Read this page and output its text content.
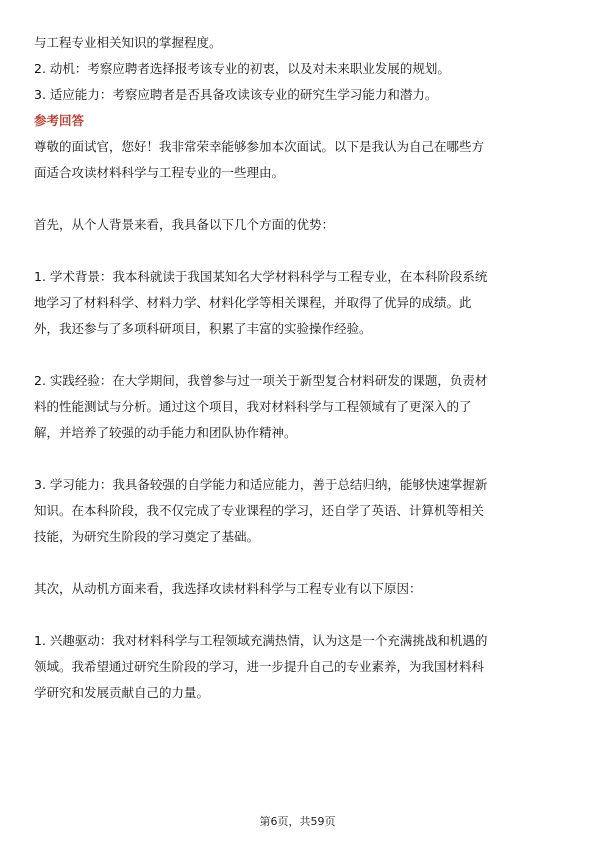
与工程专业相关知识的掌握程度。

2. 动机：考察应聘者选择报考该专业的初衷，以及对未来职业发展的规划。

3. 适应能力：考察应聘者是否具备攻读该专业的研究生学习能力和潜力。

参考回答

尊敬的面试官，您好！我非常荣幸能够参加本次面试。以下是我认为自己在哪些方

面适合攻读材料科学与工程专业的一些理由。

首先，从个人背景来看，我具备以下几个方面的优势：

1. 学术背景：我本科就读于我国某知名大学材料科学与工程专业，在本科阶段系统

地学习了材料科学、材料力学、材料化学等相关课程，并取得了优异的成绩。此

外，我还参与了多项科研项目，积累了丰富的实验操作经验。

2. 实践经验：在大学期间，我曾参与过一项关于新型复合材料研发的课题，负责材

料的性能测试与分析。通过这个项目，我对材料科学与工程领域有了更深入的了

解，并培养了较强的动手能力和团队协作精神。

3. 学习能力：我具备较强的自学能力和适应能力，善于总结归纳，能够快速掌握新

知识。在本科阶段，我不仅完成了专业课程的学习，还自学了英语、计算机等相关

技能，为研究生阶段的学习奠定了基础。

其次，从动机方面来看，我选择攻读材料科学与工程专业有以下原因：

1. 兴趣驱动：我对材料科学与工程领域充满热情，认为这是一个充满挑战和机遇的

领域。我希望通过研究生阶段的学习，进一步提升自己的专业素养，为我国材料科

学研究和发展贡献自己的力量。

第6页，共59页
